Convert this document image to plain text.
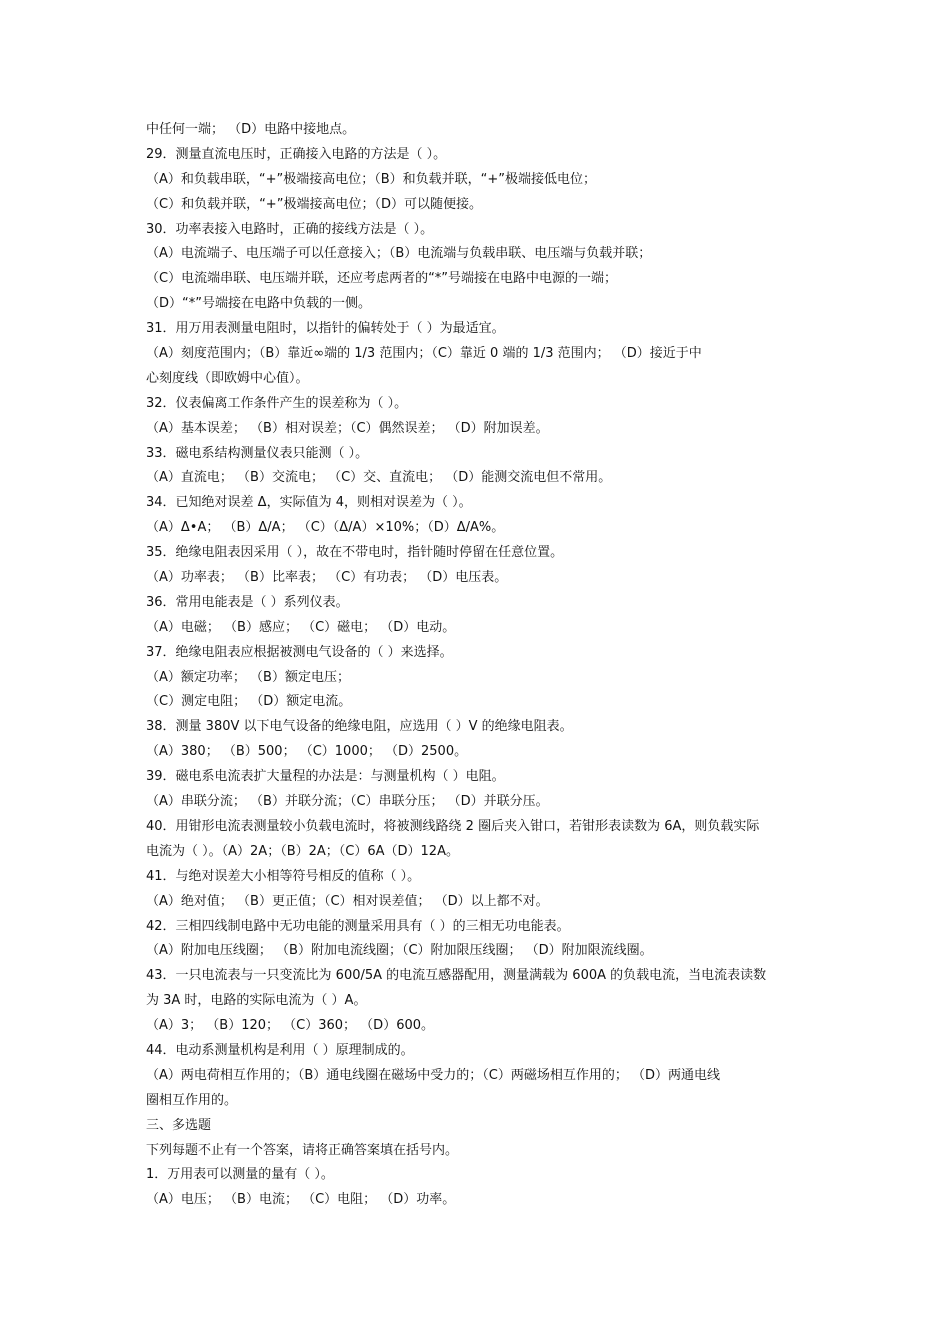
中任何一端； （D）电路中接地点。
29．测量直流电压时，正确接入电路的方法是（ ）。
（A）和负载串联，“+”极端接高电位；（B）和负载并联，“+”极端接低电位；
（C）和负载并联，“+”极端接高电位；（D）可以随便接。
30．功率表接入电路时，正确的接线方法是（ ）。
（A）电流端子、电压端子可以任意接入；（B）电流端与负载串联、电压端与负载并联；
（C）电流端串联、电压端并联，还应考虑两者的“*”号端接在电路中电源的一端；
（D）“*”号端接在电路中负载的一侧。
31．用万用表测量电阻时，以指针的偏转处于（ ）为最适宜。
（A）刻度范围内；（B）靠近∞端的 1/3 范围内；（C）靠近 0 端的 1/3 范围内； （D）接近于中
心刻度线（即欧姆中心值）。
32．仪表偏离工作条件产生的误差称为（ ）。
（A）基本误差； （B）相对误差；（C）偶然误差； （D）附加误差。
33．磁电系结构测量仪表只能测（ ）。
（A）直流电； （B）交流电； （C）交、直流电； （D）能测交流电但不常用。
34．已知绝对误差 Δ，实际值为 4，则相对误差为（ ）。
（A）Δ•A； （B）Δ/A； （C）（Δ/A）×10%；（D）Δ/A%。
35．绝缘电阻表因采用（ ），故在不带电时，指针随时停留在任意位置。
（A）功率表； （B）比率表； （C）有功表； （D）电压表。
36．常用电能表是（ ）系列仪表。
（A）电磁； （B）感应； （C）磁电； （D）电动。
37．绝缘电阻表应根据被测电气设备的（ ）来选择。
（A）额定功率； （B）额定电压；
（C）测定电阻； （D）额定电流。
38．测量 380V 以下电气设备的绝缘电阻，应选用（ ）V 的绝缘电阻表。
（A）380； （B）500； （C）1000； （D）2500。
39．磁电系电流表扩大量程的办法是：与测量机构（ ）电阻。
（A）串联分流； （B）并联分流；（C）串联分压； （D）并联分压。
40．用钳形电流表测量较小负载电流时，将被测线路绕 2 圈后夹入钳口，若钳形表读数为 6A，则负载实际
电流为（ ）。（A）2A；（B）2A；（C）6A（D）12A。
41．与绝对误差大小相等符号相反的值称（ ）。
（A）绝对值； （B）更正值；（C）相对误差值； （D）以上都不对。
42．三相四线制电路中无功电能的测量采用具有（ ）的三相无功电能表。
（A）附加电压线圈； （B）附加电流线圈；（C）附加限压线圈； （D）附加限流线圈。
43．一只电流表与一只变流比为 600/5A 的电流互感器配用，测量满载为 600A 的负载电流，当电流表读数
为 3A 时，电路的实际电流为（ ）A。
（A）3； （B）120； （C）360； （D）600。
44．电动系测量机构是利用（ ）原理制成的。
（A）两电荷相互作用的；（B）通电线圈在磁场中受力的；（C）两磁场相互作用的； （D）两通电线
圈相互作用的。
三、多选题
下列每题不止有一个答案，请将正确答案填在括号内。
1．万用表可以测量的量有（ ）。
（A）电压； （B）电流； （C）电阻； （D）功率。
